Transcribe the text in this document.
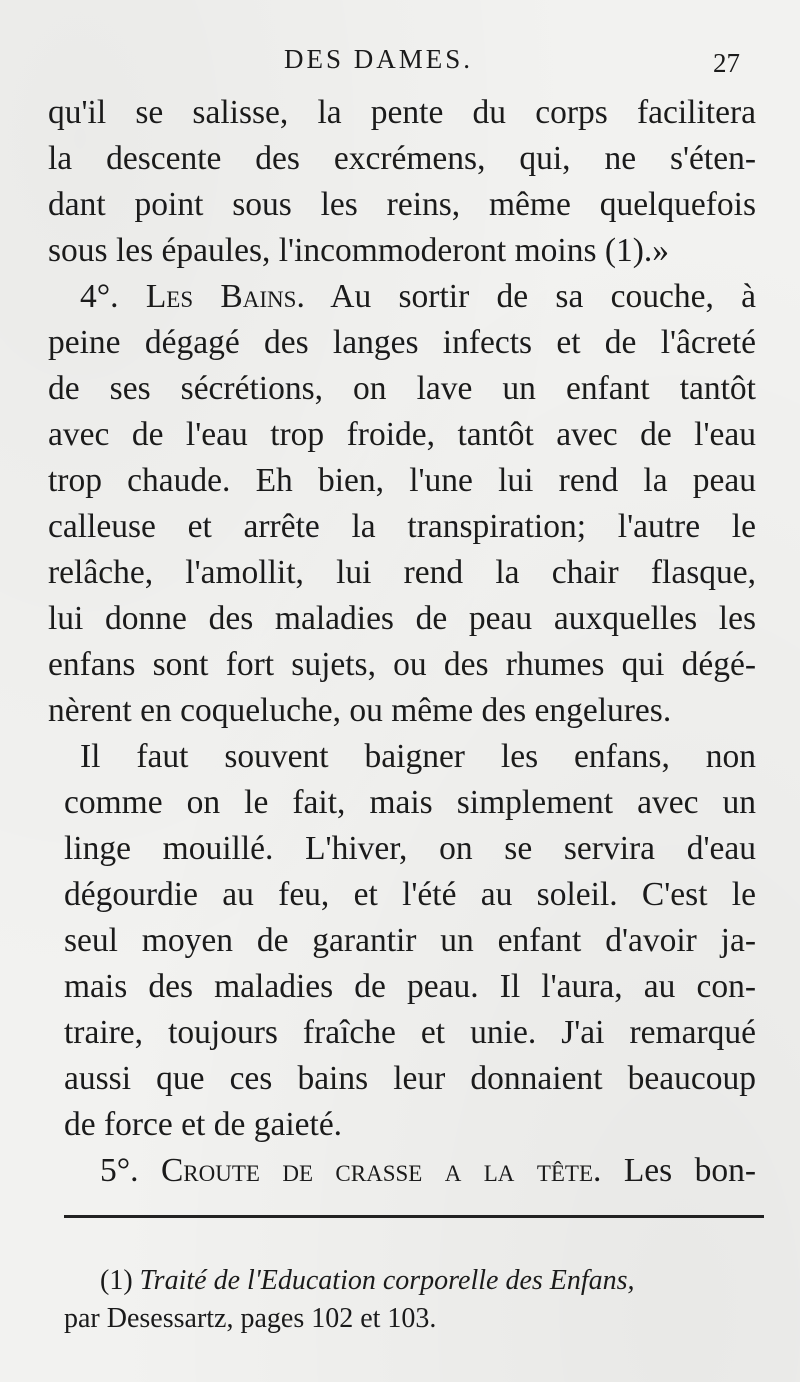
DES DAMES.	27
qu'il se salisse, la pente du corps facilitera
la descente des excrémens, qui, ne s'éten-
dant point sous les reins, même quelquefois
sous les épaules, l'incommoderont moins (1).»
4°. Les Bains. Au sortir de sa couche, à
peine dégagé des langes infects et de l'âcreté
de ses sécrétions, on lave un enfant tantôt
avec de l'eau trop froide, tantôt avec de l'eau
trop chaude. Eh bien, l'une lui rend la peau
calleuse et arrête la transpiration; l'autre le
relâche, l'amollit, lui rend la chair flasque,
lui donne des maladies de peau auxquelles les
enfans sont fort sujets, ou des rhumes qui dégé-
nèrent en coqueluche, ou même des engelures.
Il faut souvent baigner les enfans, non
comme on le fait, mais simplement avec un
linge mouillé. L'hiver, on se servira d'eau
dégourdie au feu, et l'été au soleil. C'est le
seul moyen de garantir un enfant d'avoir ja-
mais des maladies de peau. Il l'aura, au con-
traire, toujours fraîche et unie. J'ai remarqué
aussi que ces bains leur donnaient beaucoup
de force et de gaieté.
5°. Croute de crasse a la tête. Les bon-
(1) Traité de l'Education corporelle des Enfans,
par Desessartz, pages 102 et 103.
